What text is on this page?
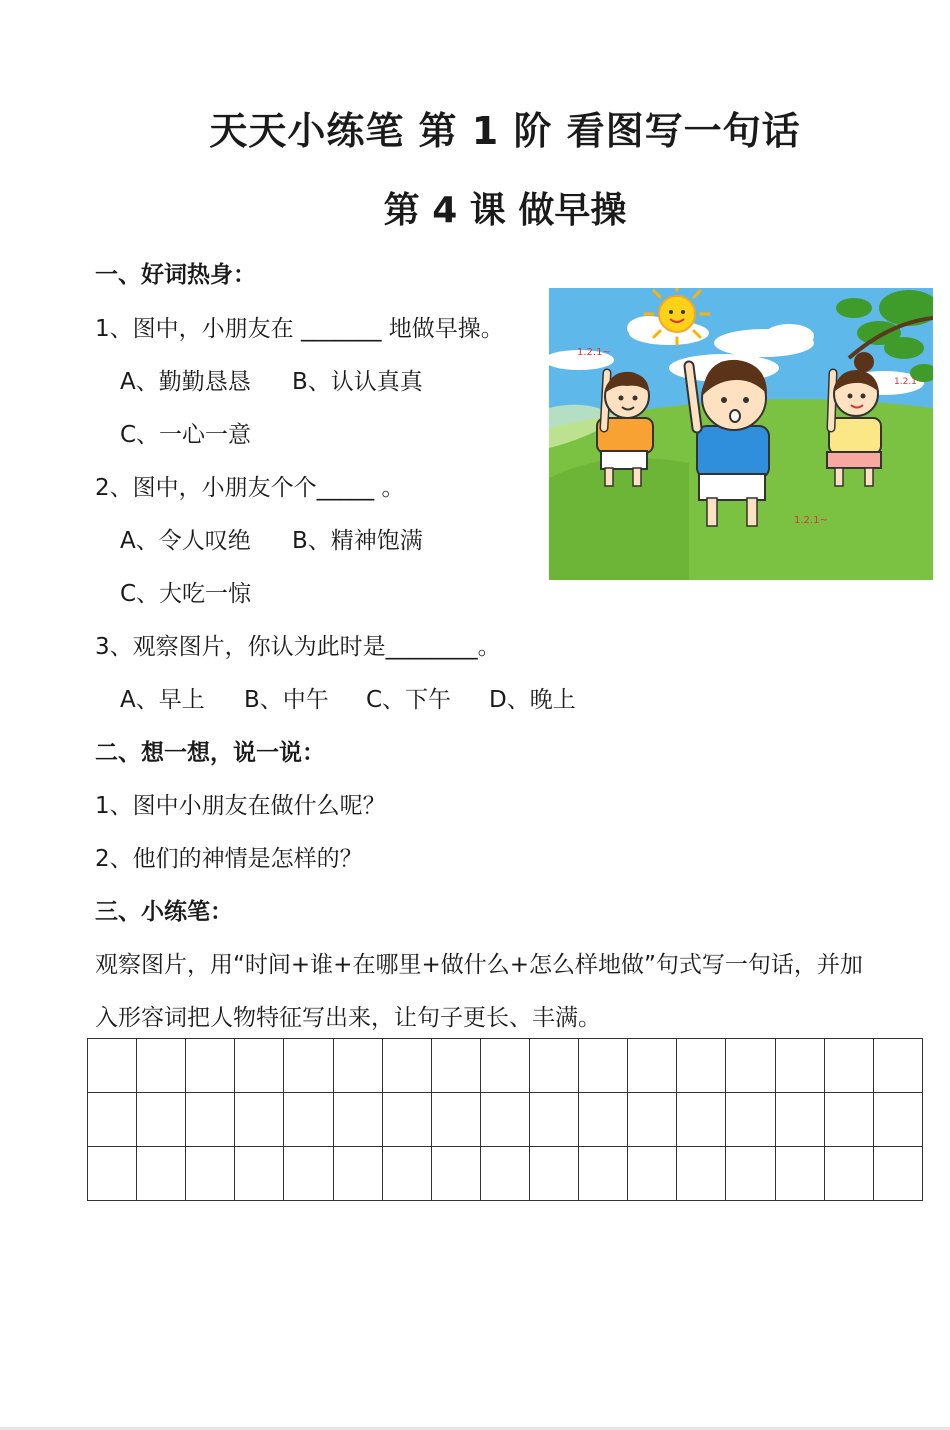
天天小练笔 第 1 阶 看图写一句话
第 4 课 做早操
一、好词热身：
1、图中，小朋友在 _______ 地做早操。
A、勤勤恳恳 B、认认真真
C、一心一意
2、图中，小朋友个个_____ 。
A、令人叹绝 B、精神饱满
C、大吃一惊
3、观察图片，你认为此时是________。
A、早上 B、中午 C、下午 D、晚上
二、想一想，说一说：
1、图中小朋友在做什么呢？
2、他们的神情是怎样的？
三、小练笔：
观察图片，用“时间+谁+在哪里+做什么+怎么样地做”句式写一句话，并加
入形容词把人物特征写出来，让句子更长、丰满。
1.2.1~
1.2.1
1.2.1~
